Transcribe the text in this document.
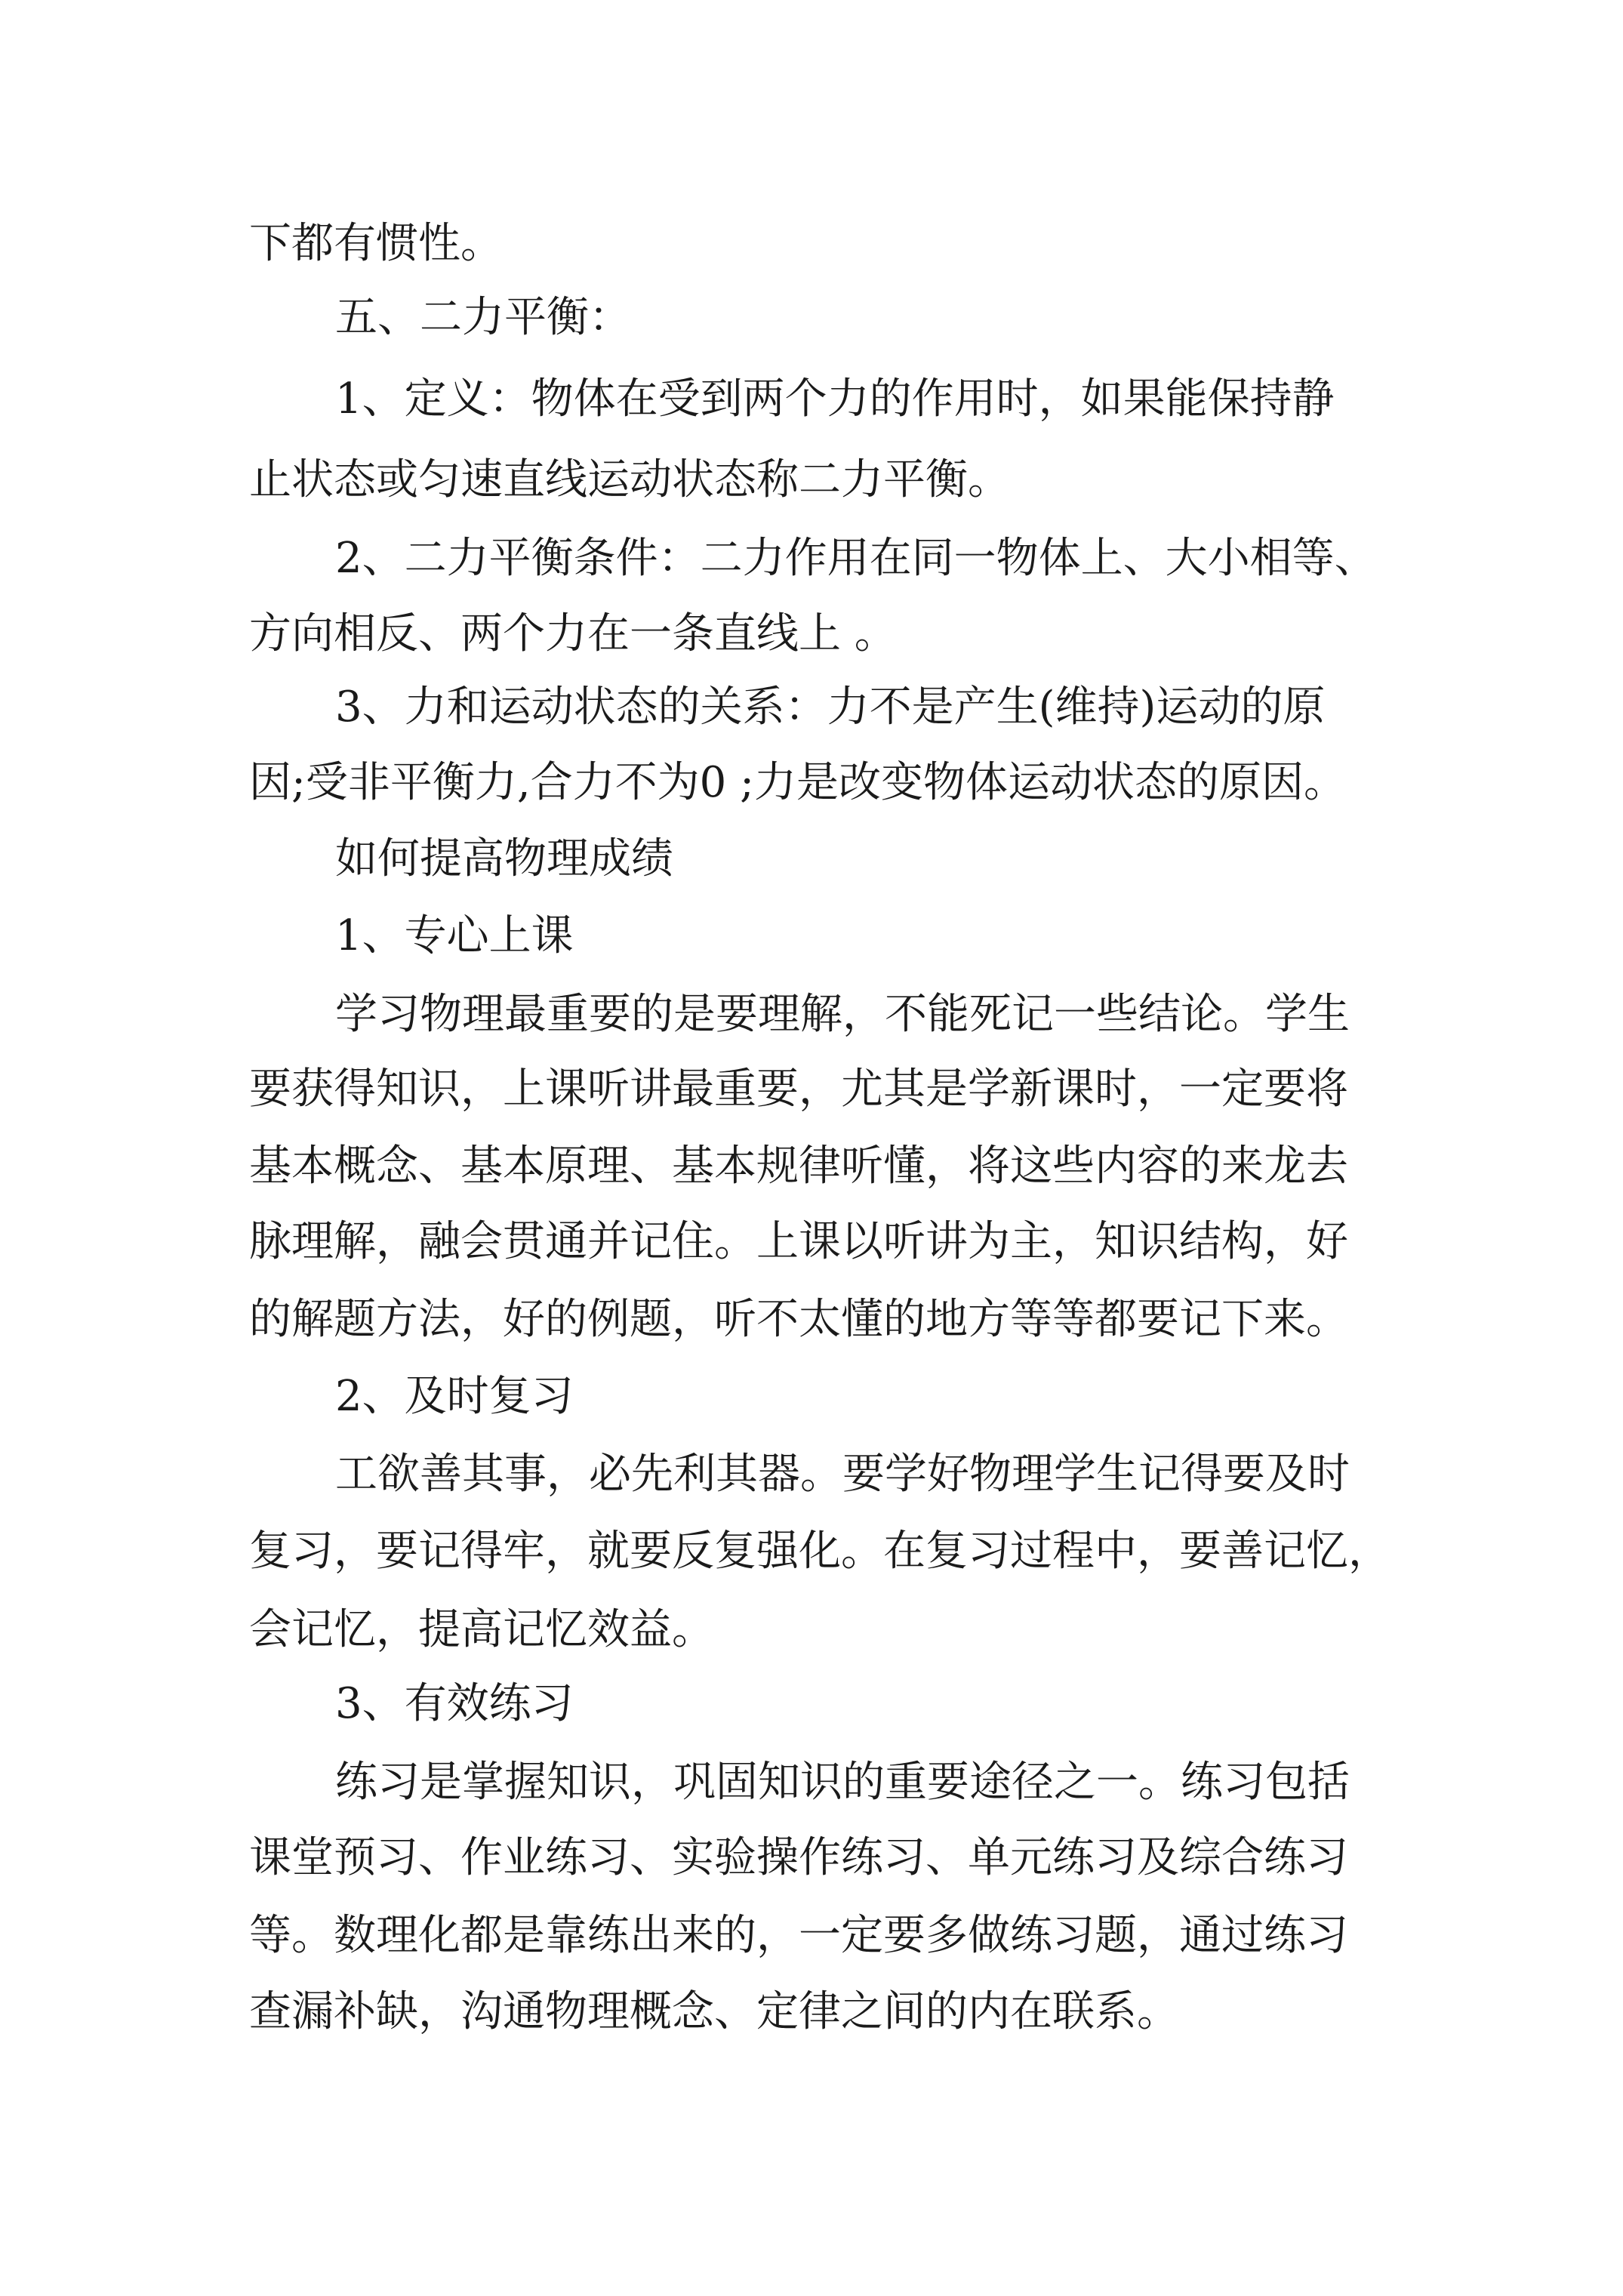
下都有惯性。
五、二力平衡：
1、定义：物体在受到两个力的作用时，如果能保持静
止状态或匀速直线运动状态称二力平衡。
2、二力平衡条件：二力作用在同一物体上、大小相等、
方向相反、两个力在一条直线上 。
3、力和运动状态的关系：力不是产生(维持)运动的原
因;受非平衡力,合力不为0 ;力是改变物体运动状态的原因。
如何提高物理成绩
1、专心上课
学习物理最重要的是要理解，不能死记一些结论。学生
要获得知识，上课听讲最重要，尤其是学新课时，一定要将
基本概念、基本原理、基本规律听懂，将这些内容的来龙去
脉理解，融会贯通并记住。上课以听讲为主，知识结构，好
的解题方法，好的例题，听不太懂的地方等等都要记下来。
2、及时复习
工欲善其事，必先利其器。要学好物理学生记得要及时
复习，要记得牢，就要反复强化。在复习过程中，要善记忆，
会记忆，提高记忆效益。
3、有效练习
练习是掌握知识，巩固知识的重要途径之一。练习包括
课堂预习、作业练习、实验操作练习、单元练习及综合练习
等。数理化都是靠练出来的，一定要多做练习题，通过练习
查漏补缺，沟通物理概念、定律之间的内在联系。
